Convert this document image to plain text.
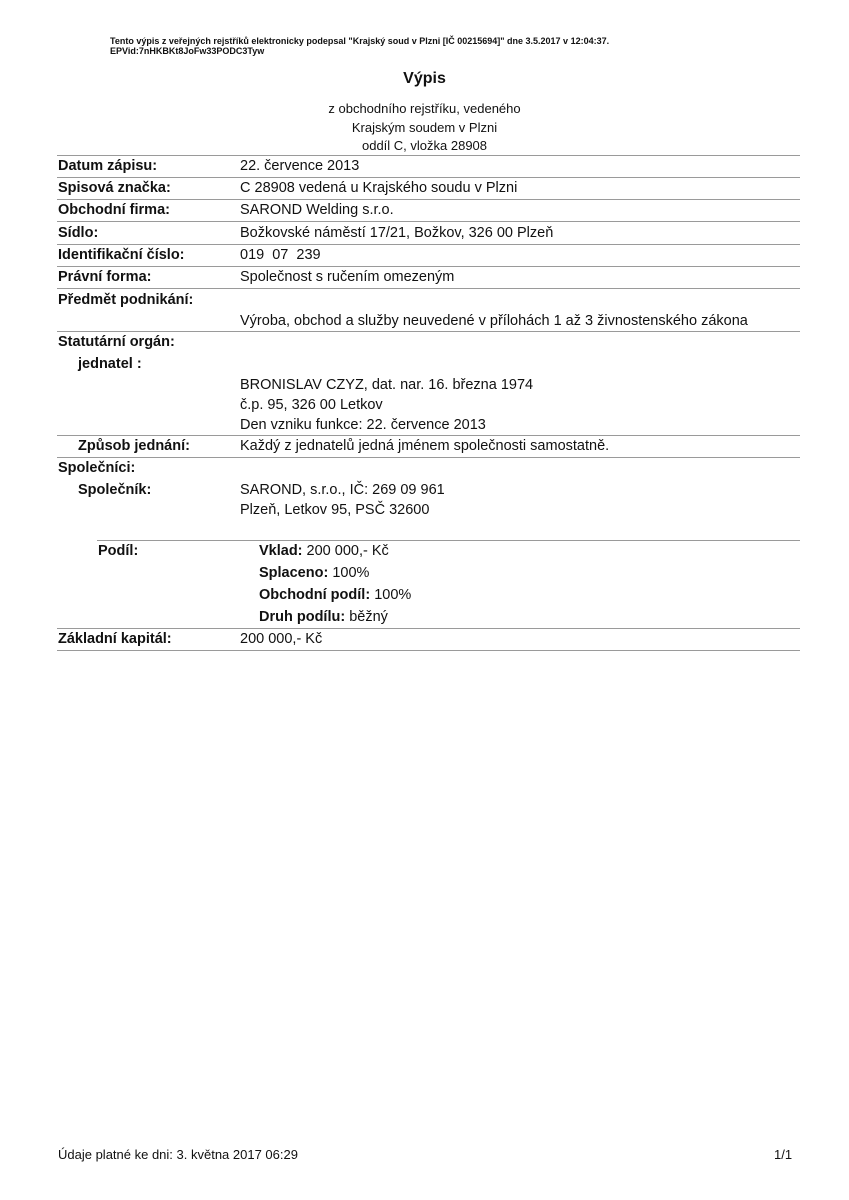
Tento výpis z veřejných rejstříků elektronicky podepsal "Krajský soud v Plzni [IČ 00215694]" dne 3.5.2017 v 12:04:37.
EPVid:7nHKBKt8JoFw33PODC3Tyw
Výpis
z obchodního rejstříku, vedeného
Krajským soudem v Plzni
oddíl C, vložka 28908
Datum zápisu:	22. července 2013
Spisová značka:	C 28908 vedená u Krajského soudu v Plzni
Obchodní firma:	SAROND Welding s.r.o.
Sídlo:	Božkovské náměstí 17/21, Božkov, 326 00 Plzeň
Identifikační číslo:	019 07 239
Právní forma:	Společnost s ručením omezeným
Předmět podnikání:
Výroba, obchod a služby neuvedené v přílohách 1 až 3 živnostenského zákona
Statutární orgán:
jednatel :
BRONISLAV CZYZ, dat. nar. 16. března 1974
č.p. 95, 326 00 Letkov
Den vzniku funkce: 22. července 2013
Způsob jednání:	Každý z jednatelů jedná jménem společnosti samostatně.
Společníci:
Společník:	SAROND, s.r.o., IČ: 269 09 961
Plzeň, Letkov 95, PSČ 32600
Podíl:	Vklad: 200 000,- Kč
Splaceno: 100%
Obchodní podíl: 100%
Druh podílu: běžný
Základní kapitál:	200 000,- Kč
Údaje platné ke dni: 3. května 2017 06:29	1/1
